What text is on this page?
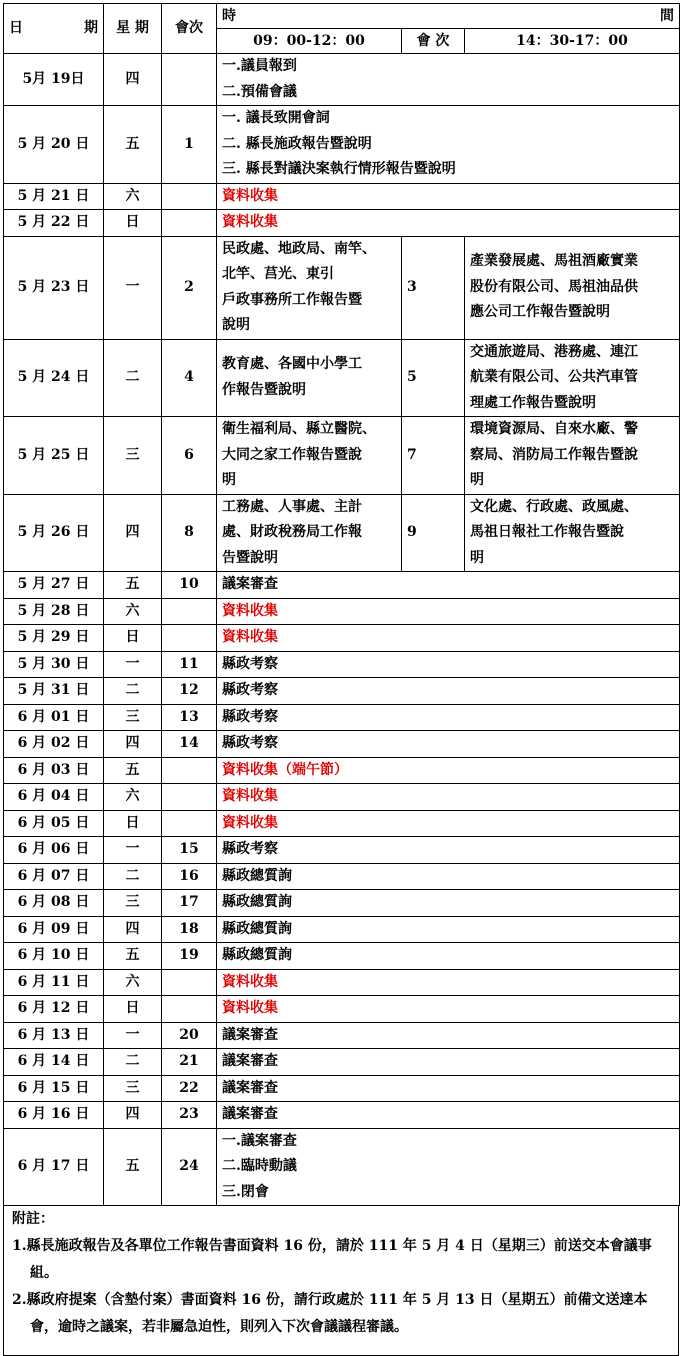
日 期	星 期	會次	時 間		

			09：00-12：00	會 次	14：30-17：00
5月 19日	四		一.議員報到
二.預備會議		

5 月 20 日	五	1	一. 議長致開會詞
二. 縣長施政報告暨說明
三. 縣長對議決案執行情形報告暨說明		

5 月 21 日	六		資料收集		

5 月 22 日	日		資料收集		

5 月 23 日	一	2	民政處、地政局、南竿、
北竿、莒光、東引
戶政事務所工作報告暨
說明	3	產業發展處、馬祖酒廠實業
股份有限公司、馬祖油品供
應公司工作報告暨說明

5 月 24 日	二	4	教育處、各國中小學工
作報告暨說明	5	交通旅遊局、港務處、連江
航業有限公司、公共汽車管
理處工作報告暨說明

5 月 25 日	三	6	衛生福利局、縣立醫院、
大同之家工作報告暨說
明	7	環境資源局、自來水廠、警
察局、消防局工作報告暨說
明

5 月 26 日	四	8	工務處、人事處、主計
處、財政稅務局工作報
告暨說明	9	文化處、行政處、政風處、
馬祖日報社工作報告暨說
明

5 月 27 日	五	10	議案審查		

5 月 28 日	六		資料收集		

5 月 29 日	日		資料收集		

5 月 30 日	一	11	縣政考察		

5 月 31 日	二	12	縣政考察		

6 月 01 日	三	13	縣政考察		

6 月 02 日	四	14	縣政考察		

6 月 03 日	五		資料收集（端午節）		

6 月 04 日	六		資料收集		

6 月 05 日	日		資料收集		

6 月 06 日	一	15	縣政考察		

6 月 07 日	二	16	縣政總質詢		

6 月 08 日	三	17	縣政總質詢		

6 月 09 日	四	18	縣政總質詢		

6 月 10 日	五	19	縣政總質詢		

6 月 11 日	六		資料收集		

6 月 12 日	日		資料收集		

6 月 13 日	一	20	議案審查		

6 月 14 日	二	21	議案審查		

6 月 15 日	三	22	議案審查		

6 月 16 日	四	23	議案審查		

6 月 17 日	五	24	一.議案審查
二.臨時動議
三.閉會		
附註：
1.縣長施政報告及各單位工作報告書面資料 16 份，請於 111 年 5 月 4 日（星期三）前送交本會議事組。
2.縣政府提案（含墊付案）書面資料 16 份，請行政處於 111 年 5 月 13 日（星期五）前備文送達本會，逾時之議案，若非屬急迫性，則列入下次會議議程審議。
